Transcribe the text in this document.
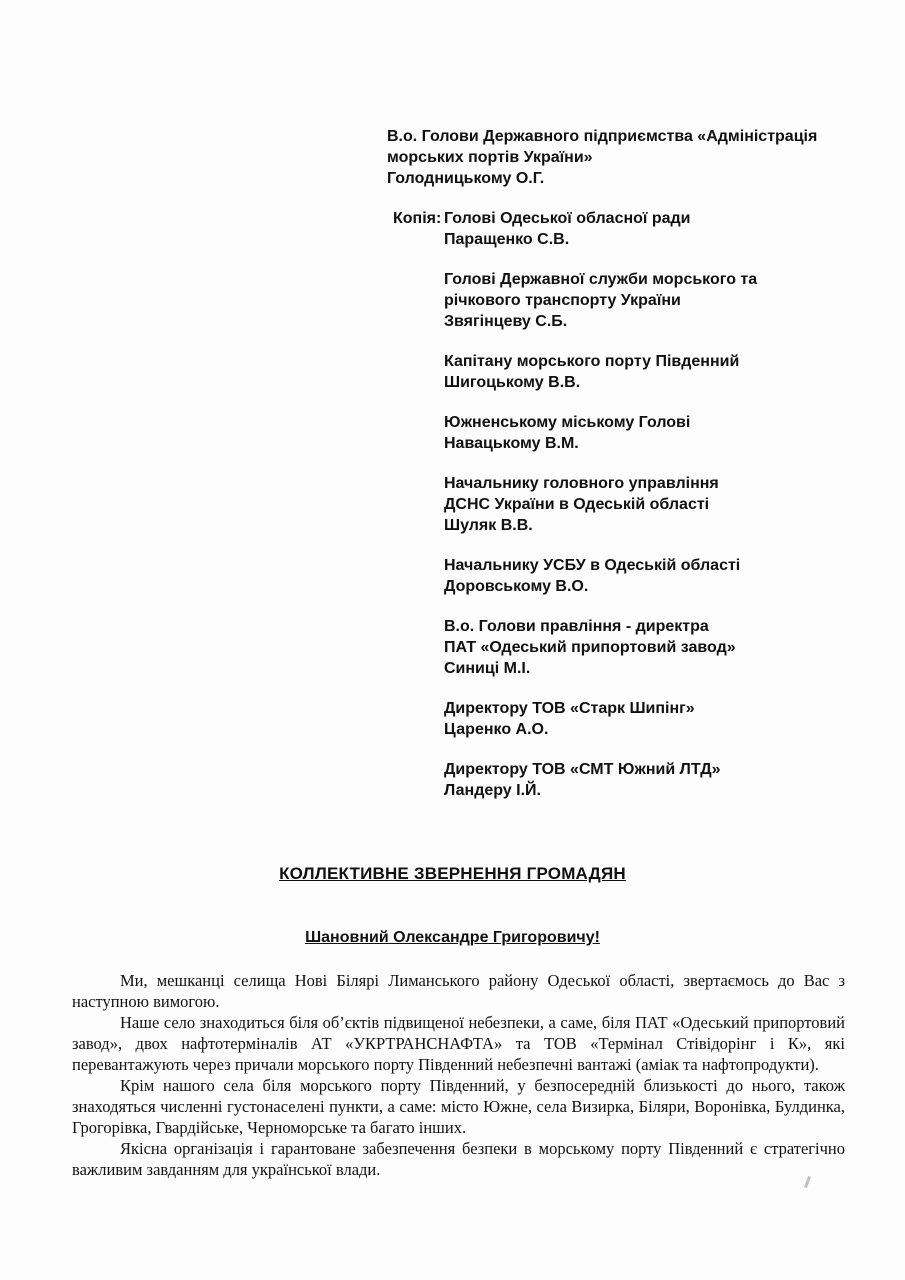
В.о. Голови Державного підприємства «Адміністрація
морських портів України»
Голодницькому О.Г.
Копія: Голові Одеської обласної ради
Паращенко С.В.
Голові Державної служби морського та
річкового транспорту України
Звягінцеву С.Б.
Капітану морського порту Південний
Шигоцькому В.В.
Южненському міському Голові
Навацькому В.М.
Начальнику головного управління
ДСНС України в Одеській області
Шуляк В.В.
Начальнику УСБУ в Одеській області
Доровському В.О.
В.о. Голови правління - директра
ПАТ «Одеський припортовий завод»
Синиці М.І.
Директору ТОВ «Старк Шипінг»
Царенко А.О.
Директору ТОВ «СМТ Южний ЛТД»
Ландеру І.Й.
КОЛЛЕКТИВНЕ ЗВЕРНЕННЯ ГРОМАДЯН
Шановний Олександре Григоровичу!

Ми, мешканці селища Нові Білярі Лиманського району Одеської області, звертаємось до Вас з наступною вимогою.

Наше село знаходиться біля об’єктів підвищеної небезпеки, а саме, біля ПАТ «Одеський припортовий завод», двох нафтотерміналів АТ «УКРТРАНСНАФТА» та ТОВ «Термінал Стівідорінг і К», які перевантажують через причали морського порту Південний небезпечні вантажі (аміак та нафтопродукти).

Крім нашого села біля морського порту Південний, у безпосередній близькості до нього, також знаходяться численні густонаселені пункти, а саме: місто Южне, села Визирка, Біляри, Воронівка, Булдинка, Грогорівка, Гвардійське, Черноморське та багато інших.

Якісна організація і гарантоване забезпечення безпеки в морському порту Південний є стратегічно важливим завданням для української влади.
